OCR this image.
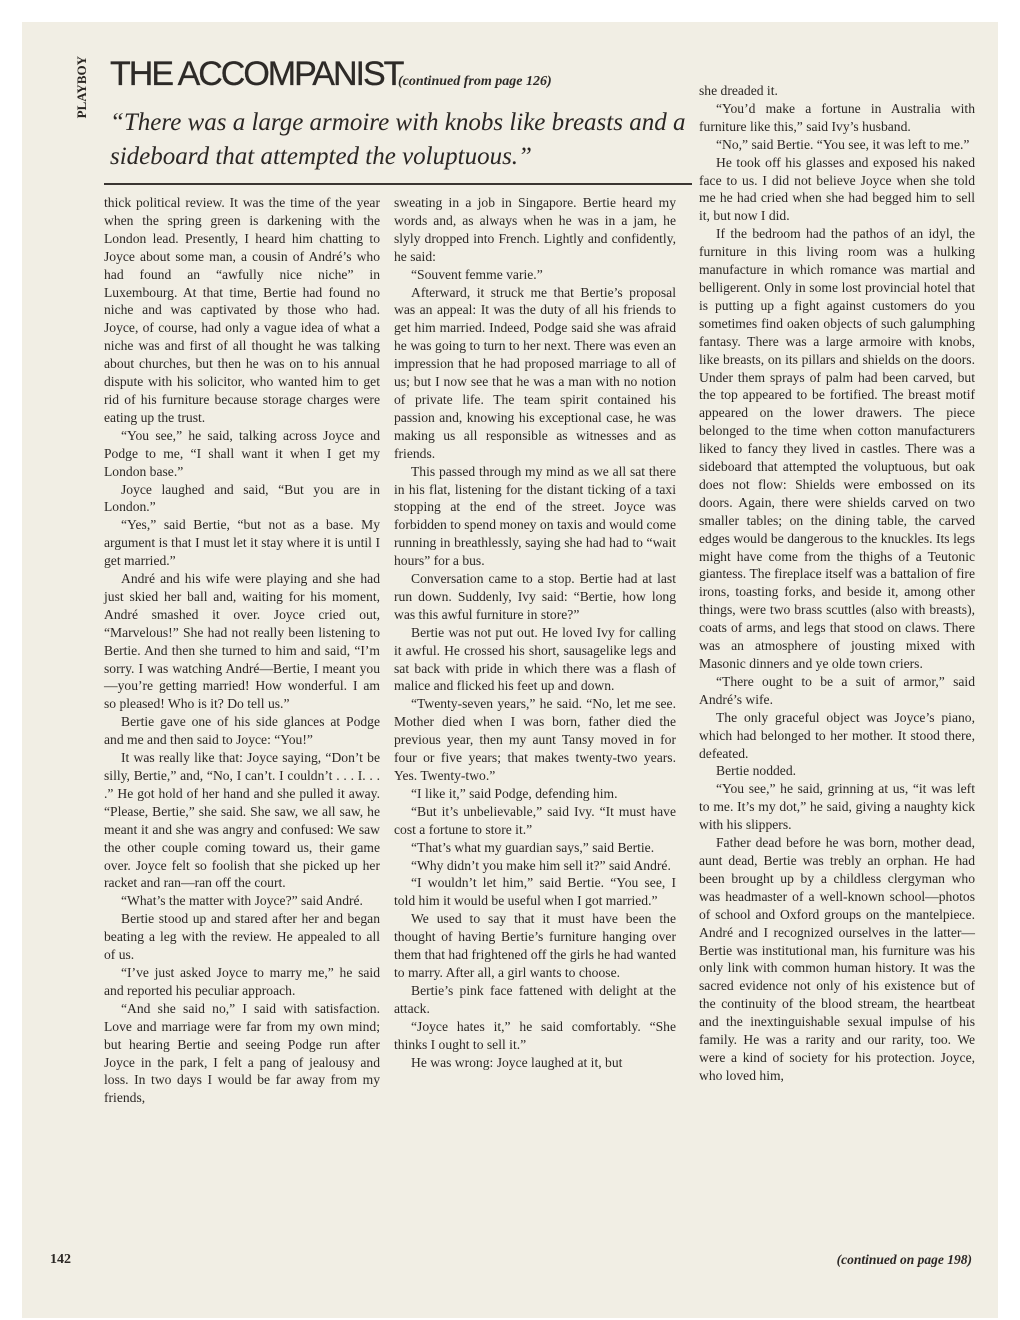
PLAYBOY THE ACCOMPANIST
(continued from page 126)
“There was a large armoire with knobs like breasts and a sideboard that attempted the voluptuous.”

thick political review. It was the time of the year when the spring green is darkening with the London lead. Presently, I heard him chatting to Joyce about some man, a cousin of André’s who had found an “awfully nice niche” in Luxembourg. At that time, Bertie had found no niche and was captivated by those who had. Joyce, of course, had only a vague idea of what a niche was and first of all thought he was talking about churches, but then he was on to his annual dispute with his solicitor, who wanted him to get rid of his furniture because storage charges were eating up the trust.

“You see,” he said, talking across Joyce and Podge to me, “I shall want it when I get my London base.”

Joyce laughed and said, “But you are in London.”

“Yes,” said Bertie, “but not as a base. My argument is that I must let it stay where it is until I get married.”

André and his wife were playing and she had just skied her ball and, waiting for his moment, André smashed it over. Joyce cried out, “Marvelous!” She had not really been listening to Bertie. And then she turned to him and said, “I’m sorry. I was watching André—Bertie, I meant you—you’re getting married! How wonderful. I am so pleased! Who is it? Do tell us.”

Bertie gave one of his side glances at Podge and me and then said to Joyce: “You!”

It was really like that: Joyce saying, “Don’t be silly, Bertie,” and, “No, I can’t. I couldn’t . . . I. . . .” He got hold of her hand and she pulled it away. “Please, Bertie,” she said. She saw, we all saw, he meant it and she was angry and confused: We saw the other couple coming toward us, their game over. Joyce felt so foolish that she picked up her racket and ran—ran off the court.

“What’s the matter with Joyce?” said André.

Bertie stood up and stared after her and began beating a leg with the review. He appealed to all of us.

“I’ve just asked Joyce to marry me,” he said and reported his peculiar approach.

“And she said no,” I said with satisfaction. Love and marriage were far from my own mind; but hearing Bertie and seeing Podge run after Joyce in the park, I felt a pang of jealousy and loss. In two days I would be far away from my friends,

sweating in a job in Singapore. Bertie heard my words and, as always when he was in a jam, he slyly dropped into French. Lightly and confidently, he said:

“Souvent femme varie.”

Afterward, it struck me that Bertie’s proposal was an appeal: It was the duty of all his friends to get him married. Indeed, Podge said she was afraid he was going to turn to her next. There was even an impression that he had proposed marriage to all of us; but I now see that he was a man with no notion of private life. The team spirit contained his passion and, knowing his exceptional case, he was making us all responsible as witnesses and as friends.

This passed through my mind as we all sat there in his flat, listening for the distant ticking of a taxi stopping at the end of the street. Joyce was forbidden to spend money on taxis and would come running in breathlessly, saying she had had to “wait hours” for a bus.

Conversation came to a stop. Bertie had at last run down. Suddenly, Ivy said: “Bertie, how long was this awful furniture in store?”

Bertie was not put out. He loved Ivy for calling it awful. He crossed his short, sausagelike legs and sat back with pride in which there was a flash of malice and flicked his feet up and down.

“Twenty-seven years,” he said. “No, let me see. Mother died when I was born, father died the previous year, then my aunt Tansy moved in for four or five years; that makes twenty-two years. Yes. Twenty-two.”

“I like it,” said Podge, defending him.

“But it’s unbelievable,” said Ivy. “It must have cost a fortune to store it.”

“That’s what my guardian says,” said Bertie.

“Why didn’t you make him sell it?” said André.

“I wouldn’t let him,” said Bertie. “You see, I told him it would be useful when I got married.”

We used to say that it must have been the thought of having Bertie’s furniture hanging over them that had frightened off the girls he had wanted to marry. After all, a girl wants to choose.

Bertie’s pink face fattened with delight at the attack.

“Joyce hates it,” he said comfortably. “She thinks I ought to sell it.”

He was wrong: Joyce laughed at it, but

she dreaded it.

“You’d make a fortune in Australia with furniture like this,” said Ivy’s husband.

“No,” said Bertie. “You see, it was left to me.”

He took off his glasses and exposed his naked face to us. I did not believe Joyce when she told me he had cried when she had begged him to sell it, but now I did.

If the bedroom had the pathos of an idyl, the furniture in this living room was a hulking manufacture in which romance was martial and belligerent. Only in some lost provincial hotel that is putting up a fight against customers do you sometimes find oaken objects of such galumphing fantasy. There was a large armoire with knobs, like breasts, on its pillars and shields on the doors. Under them sprays of palm had been carved, but the top appeared to be fortified. The breast motif appeared on the lower drawers. The piece belonged to the time when cotton manufacturers liked to fancy they lived in castles. There was a sideboard that attempted the voluptuous, but oak does not flow: Shields were embossed on its doors. Again, there were shields carved on two smaller tables; on the dining table, the carved edges would be dangerous to the knuckles. Its legs might have come from the thighs of a Teutonic giantess. The fireplace itself was a battalion of fire irons, toasting forks, and beside it, among other things, were two brass scuttles (also with breasts), coats of arms, and legs that stood on claws. There was an atmosphere of jousting mixed with Masonic dinners and ye olde town criers.

“There ought to be a suit of armor,” said André’s wife.

The only graceful object was Joyce’s piano, which had belonged to her mother. It stood there, defeated.

Bertie nodded.

“You see,” he said, grinning at us, “it was left to me. It’s my dot,” he said, giving a naughty kick with his slippers.

Father dead before he was born, mother dead, aunt dead, Bertie was trebly an orphan. He had been brought up by a childless clergyman who was headmaster of a well-known school—photos of school and Oxford groups on the mantelpiece. André and I recognized ourselves in the latter—Bertie was institutional man, his furniture was his only link with common human history. It was the sacred evidence not only of his existence but of the continuity of the blood stream, the heartbeat and the inextinguishable sexual impulse of his family. He was a rarity and our rarity, too. We were a kind of society for his protection. Joyce, who loved him,

142	(continued on page 198)
